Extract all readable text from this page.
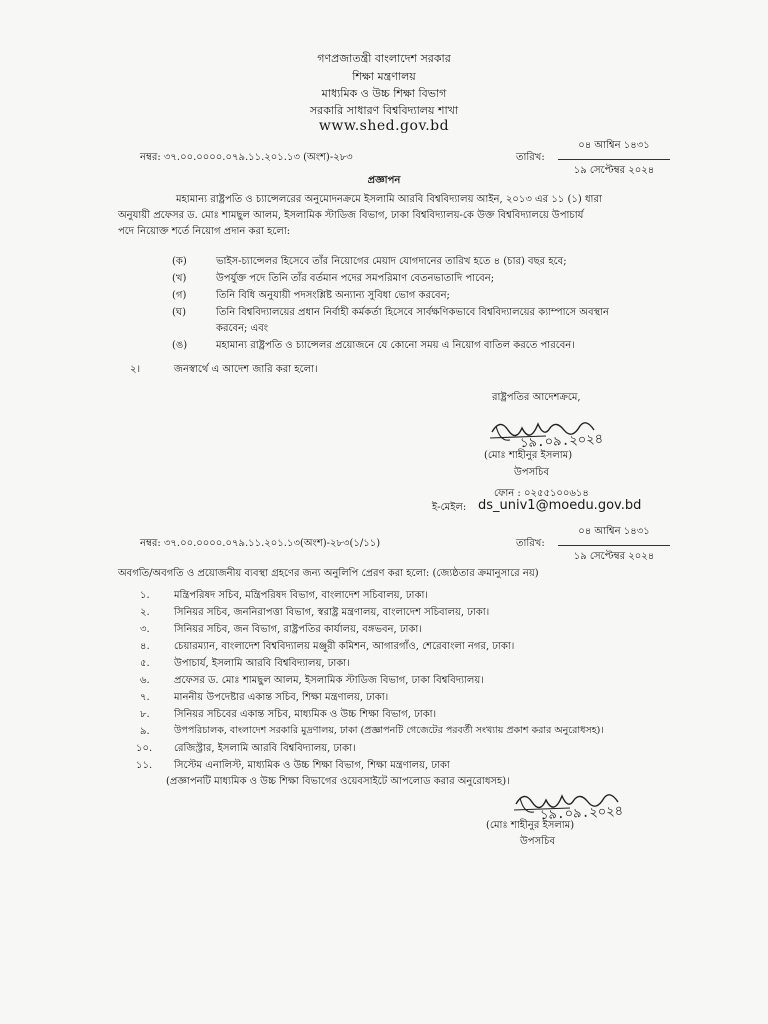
গণপ্রজাতন্ত্রী বাংলাদেশ সরকার
শিক্ষা মন্ত্রণালয়
মাধ্যমিক ও উচ্চ শিক্ষা বিভাগ
সরকারি সাধারণ বিশ্ববিদ্যালয় শাখা
www.shed.gov.bd
নম্বর: ৩৭.০০.০০০০.০৭৯.১১.২০১.১৩ (অংশ)-২৮৩	তারিখ:
০৪ আশ্বিন ১৪৩১
১৯ সেপ্টেম্বর ২০২৪
প্রজ্ঞাপন
মহামান্য রাষ্ট্রপতি ও চ্যান্সেলরের অনুমোদনক্রমে ইসলামি আরবি বিশ্ববিদ্যালয় আইন, ২০১৩ এর ১১ (১) ধারা
অনুযায়ী প্রফেসর ড. মোঃ শামছুল আলম, ইসলামিক স্টাডিজ বিভাগ, ঢাকা বিশ্ববিদ্যালয়-কে উক্ত বিশ্ববিদ্যালয়ে উপাচার্য
পদে নিয়োক্ত শর্তে নিয়োগ প্রদান করা হলো:
(ক)	ভাইস-চ্যান্সেলর হিসেবে তাঁর নিয়োগের মেয়াদ যোগদানের তারিখ হতে ৪ (চার) বছর হবে;
(খ)	উপর্যুক্ত পদে তিনি তাঁর বর্তমান পদের সমপরিমাণ বেতনভাতাদি পাবেন;
(গ)	তিনি বিধি অনুযায়ী পদসংশ্লিষ্ট অন্যান্য সুবিধা ভোগ করবেন;
(ঘ)	তিনি বিশ্ববিদ্যালয়ের প্রধান নির্বাহী কর্মকর্তা হিসেবে সার্বক্ষণিকভাবে বিশ্ববিদ্যালয়ের ক্যাম্পাসে অবস্থান
করবেন; এবং
(ঙ)	মহামান্য রাষ্ট্রপতি ও চ্যান্সেলর প্রয়োজনে যে কোনো সময় এ নিয়োগ বাতিল করতে পারবেন।
২।	জনস্বার্থে এ আদেশ জারি করা হলো।
রাষ্ট্রপতির আদেশক্রমে,
১৯.০৯.২০২৪
(মোঃ শাহীনুর ইসলাম)
উপসচিব
ফোন : ০২৫৫১০০৬১৪
ই-মেইল: ds_univ1@moedu.gov.bd
নম্বর: ৩৭.০০.০০০০.০৭৯.১১.২০১.১৩(অংশ)-২৮৩(১/১১)	তারিখ:
০৪ আশ্বিন ১৪৩১
১৯ সেপ্টেম্বর ২০২৪
অবগতি/অবগতি ও প্রয়োজনীয় ব্যবস্থা গ্রহণের জন্য অনুলিপি প্রেরণ করা হলো: (জ্যেষ্ঠতার ক্রমানুসারে নয়)
১. মন্ত্রিপরিষদ সচিব, মন্ত্রিপরিষদ বিভাগ, বাংলাদেশ সচিবালয়, ঢাকা।
২. সিনিয়র সচিব, জননিরাপত্তা বিভাগ, স্বরাষ্ট্র মন্ত্রণালয়, বাংলাদেশ সচিবালয়, ঢাকা।
৩. সিনিয়র সচিব, জন বিভাগ, রাষ্ট্রপতির কার্যালয়, বঙ্গভবন, ঢাকা।
৪. চেয়ারম্যান, বাংলাদেশ বিশ্ববিদ্যালয় মঞ্জুরী কমিশন, আগারগাঁও, শেরেবাংলা নগর, ঢাকা।
৫. উপাচার্য, ইসলামি আরবি বিশ্ববিদ্যালয়, ঢাকা।
৬. প্রফেসর ড. মোঃ শামছুল আলম, ইসলামিক স্টাডিজ বিভাগ, ঢাকা বিশ্ববিদ্যালয়।
৭. মাননীয় উপদেষ্টার একান্ত সচিব, শিক্ষা মন্ত্রণালয়, ঢাকা।
৮. সিনিয়র সচিবের একান্ত সচিব, মাধ্যমিক ও উচ্চ শিক্ষা বিভাগ, ঢাকা।
৯.	উপপরিচালক, বাংলাদেশ সরকারি মুদ্রণালয়, ঢাকা (প্রজ্ঞাপনটি গেজেটের পরবর্তী সংখ্যায় প্রকাশ করার অনুরোধসহ)।
১০. রেজিস্ট্রার, ইসলামি আরবি বিশ্ববিদ্যালয়, ঢাকা।
১১. সিস্টেম এনালিস্ট, মাধ্যমিক ও উচ্চ শিক্ষা বিভাগ, শিক্ষা মন্ত্রণালয়, ঢাকা
(প্রজ্ঞাপনটি মাধ্যমিক ও উচ্চ শিক্ষা বিভাগের ওয়েবসাইটে আপলোড করার অনুরোধসহ)।
১৯.০৯.২০২৪
(মোঃ শাহীনুর ইসলাম)
উপসচিব
